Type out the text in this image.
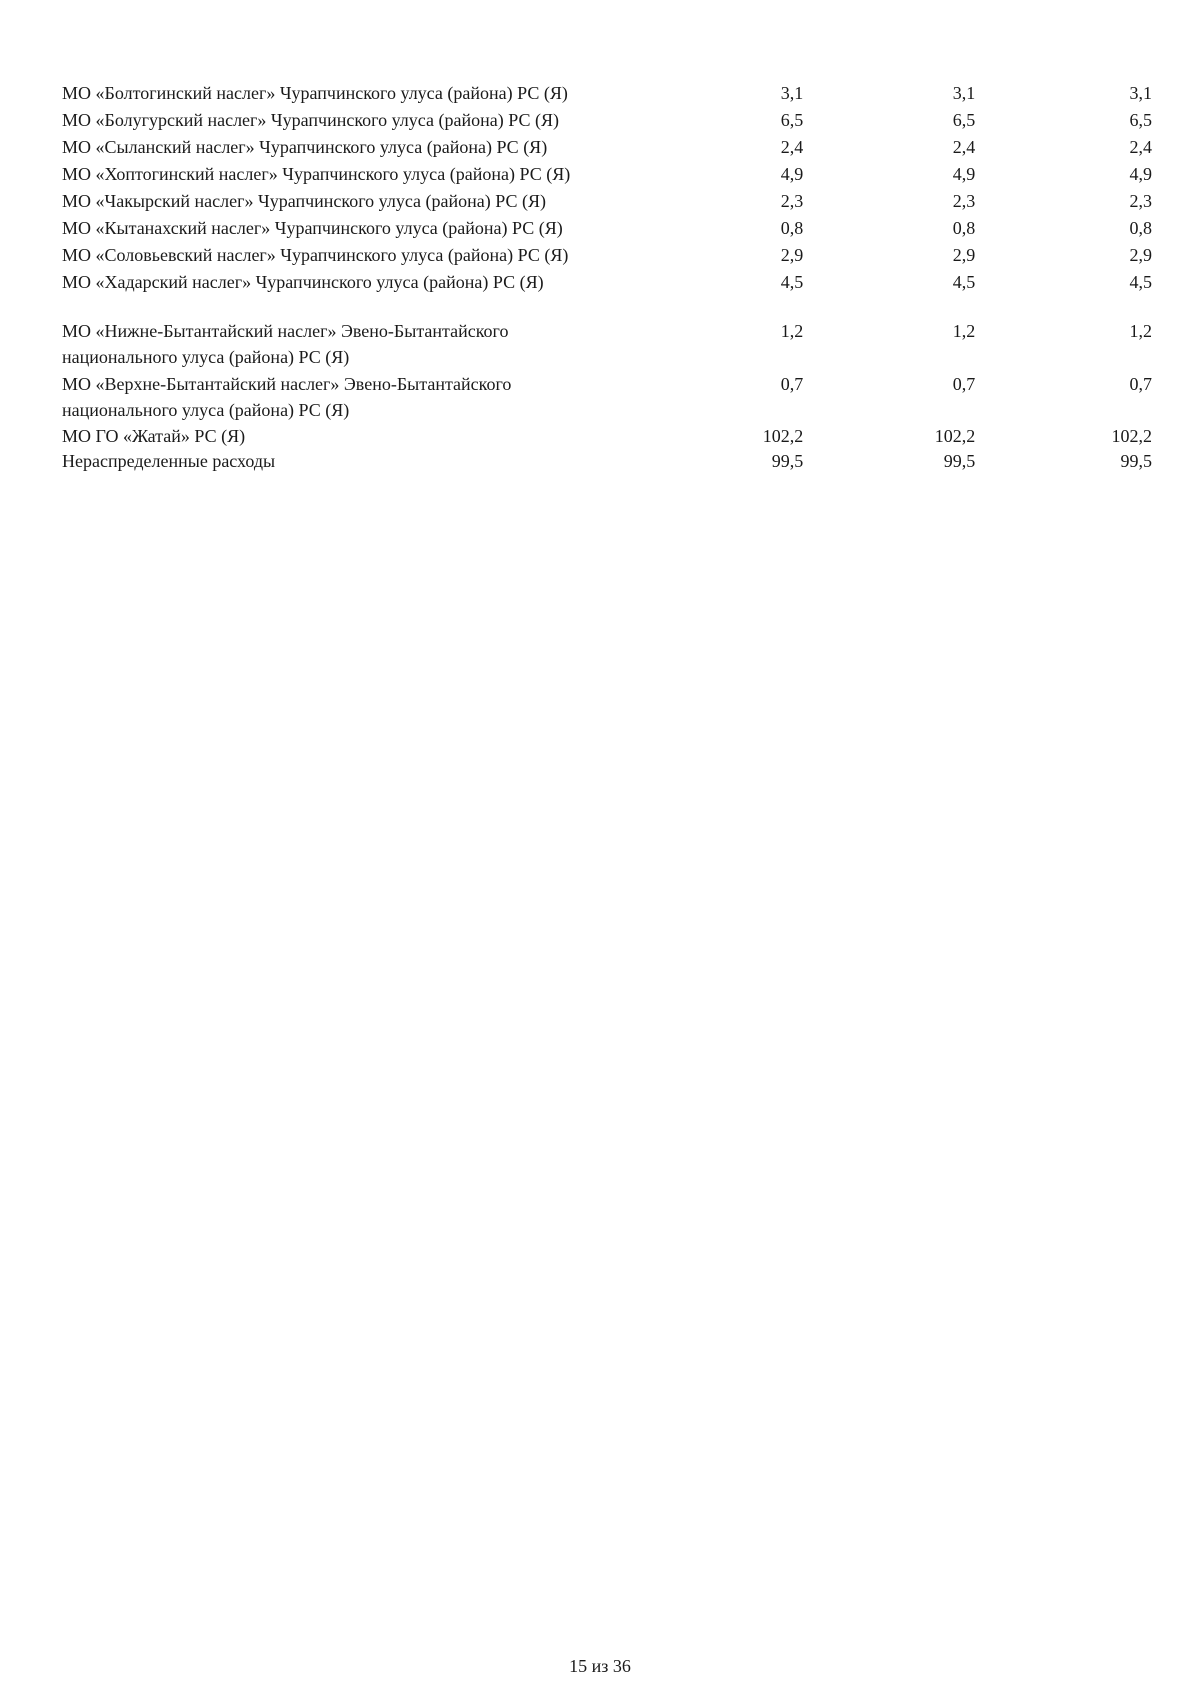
МО «Болтогинский наслег» Чурапчинского улуса (района) РС (Я)	3,1	3,1	3,1
МО «Болугурский наслег» Чурапчинского улуса (района) РС (Я)	6,5	6,5	6,5
МО «Сыланский наслег» Чурапчинского улуса (района) РС (Я)	2,4	2,4	2,4
МО «Хоптогинский наслег» Чурапчинского улуса (района) РС (Я)	4,9	4,9	4,9
МО «Чакырский наслег» Чурапчинского улуса (района) РС (Я)	2,3	2,3	2,3
МО «Кытанахский наслег» Чурапчинского улуса (района) РС (Я)	0,8	0,8	0,8
МО «Соловьевский наслег» Чурапчинского улуса (района) РС (Я)	2,9	2,9	2,9
МО «Хадарский наслег» Чурапчинского улуса (района) РС (Я)	4,5	4,5	4,5
МО «Нижне-Бытантайский наслег» Эвено-Бытантайского национального улуса (района) РС (Я)	1,2	1,2	1,2
МО «Верхне-Бытантайский наслег» Эвено-Бытантайского национального улуса (района) РС (Я)	0,7	0,7	0,7
МО ГО «Жатай» РС (Я)	102,2	102,2	102,2
Нераспределенные расходы	99,5	99,5	99,5
15 из 36
